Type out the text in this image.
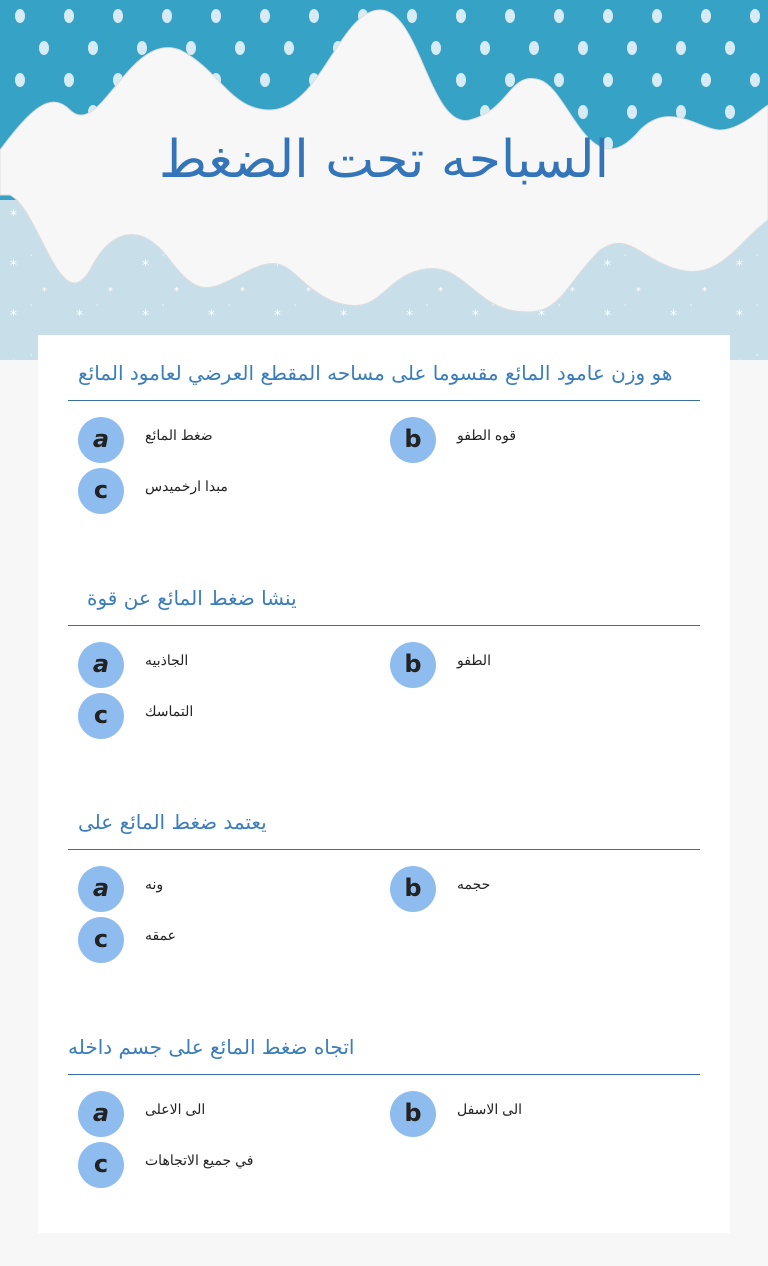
السباحه تحت الضغط
هو وزن عامود المائع مقسوما على مساحه المقطع العرضي لعامود المائع
a	ضغط المائع	b	قوه الطفو
c	مبدا ارخميدس
ينشا ضغط المائع عن قوة
a	الجاذبيه	b	الطفو
c	التماسك
يعتمد ضغط المائع على
a	ونه	b	حجمه
c	عمقه
اتجاه ضغط المائع على جسم داخله
a	الى الاعلى	b	الى الاسفل
c	في جميع الاتجاهات
